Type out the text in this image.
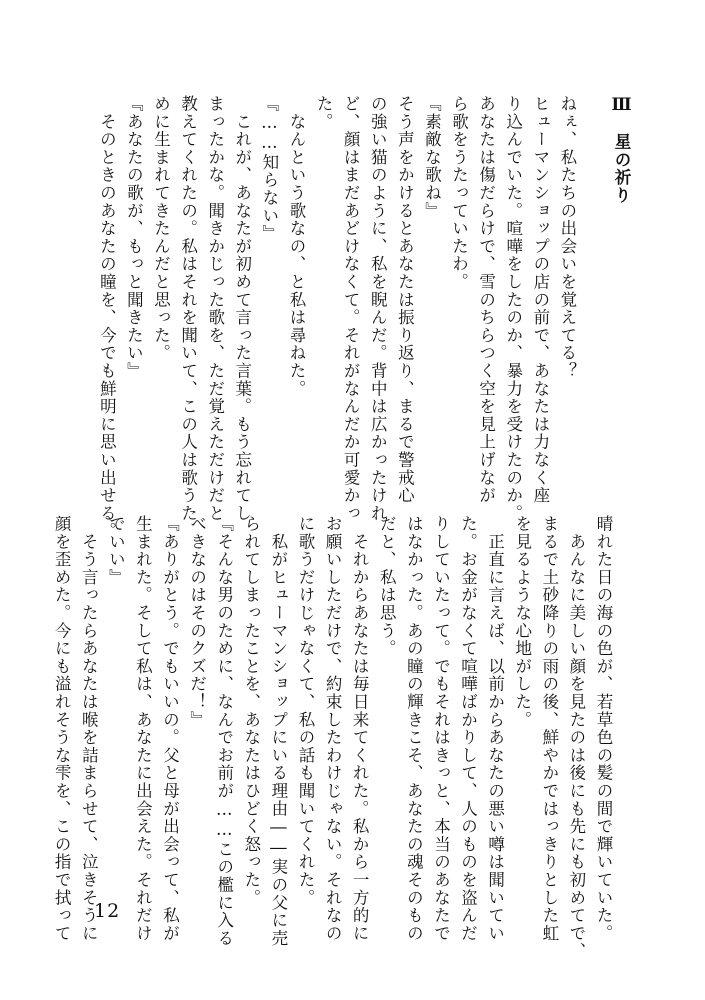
Ⅲ　星の祈り
ねぇ、私たちの出会いを覚えてる？
ヒューマンショップの店の前で、あなたは力なく座
り込んでいた。喧嘩をしたのか、暴力を受けたのか。
あなたは傷だらけで、雪のちらつく空を見上げなが
ら歌をうたっていたわ。
『素敵な歌ね』
そう声をかけるとあなたは振り返り、まるで警戒心
の強い猫のように、私を睨んだ。背中は広かったけれ
ど、顔はまだあどけなくて。それがなんだか可愛かっ
た。
　なんという歌なの、と私は尋ねた。
『……知らない』
　これが、あなたが初めて言った言葉。もう忘れてし
まったかな。聞きかじった歌を、ただ覚えただけだと
教えてくれたの。私はそれを聞いて、この人は歌うた
めに生まれてきたんだと思った。
『あなたの歌が、もっと聞きたい』
　そのときのあなたの瞳を、今でも鮮明に思い出せる。
晴れた日の海の色が、若草色の髪の間で輝いていた。
　あんなに美しい顔を見たのは後にも先にも初めてで、
まるで土砂降りの雨の後、鮮やかではっきりとした虹
を見るような心地がした。
　正直に言えば、以前からあなたの悪い噂は聞いてい
た。お金がなくて喧嘩ばかりして、人のものを盗んだ
りしていたって。でもそれはきっと、本当のあなたで
はなかった。あの瞳の輝きこそ、あなたの魂そのもの
だと、私は思う。
　それからあなたは毎日来てくれた。私から一方的に
お願いしただけで、約束したわけじゃない。それなの
に歌うだけじゃなくて、私の話も聞いてくれた。
　私がヒューマンショップにいる理由――実の父に売
られてしまったことを、あなたはひどく怒った。
『そんな男のために、なんでお前が……この檻に入る
べきなのはそのクズだ！』
『ありがとう。でもいいの。父と母が出会って、私が
生まれた。そして私は、あなたに出会えた。それだけ
でいい』
　そう言ったらあなたは喉を詰まらせて、泣きそうに
顔を歪めた。今にも溢れそうな雫を、この指で拭って 12
